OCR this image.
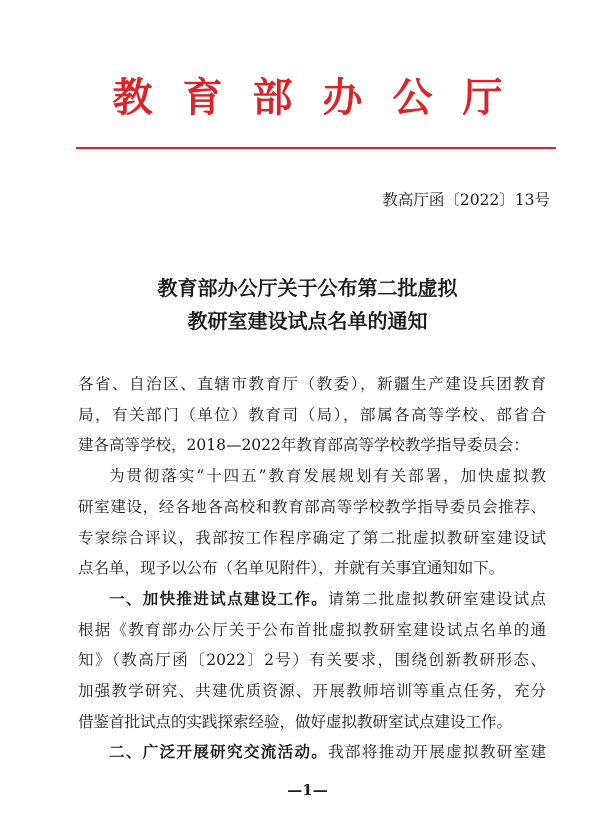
教育部办公厅
教高厅函〔2022〕13号
教育部办公厅关于公布第二批虚拟
教研室建设试点名单的通知
各省、自治区、直辖市教育厅（教委），新疆生产建设兵团教育
局，有关部门（单位）教育司（局），部属各高等学校、部省合
建各高等学校，2018—2022年教育部高等学校教学指导委员会：
为贯彻落实“十四五”教育发展规划有关部署，加快虚拟教
研室建设，经各地各高校和教育部高等学校教学指导委员会推荐、
专家综合评议，我部按工作程序确定了第二批虚拟教研室建设试
点名单，现予以公布（名单见附件），并就有关事宜通知如下。
一、加快推进试点建设工作。请第二批虚拟教研室建设试点
根据《教育部办公厅关于公布首批虚拟教研室建设试点名单的通
知》（教高厅函〔2022〕2号）有关要求，围绕创新教研形态、
加强教学研究、共建优质资源、开展教师培训等重点任务，充分
借鉴首批试点的实践探索经验，做好虚拟教研室试点建设工作。
二、广泛开展研究交流活动。我部将推动开展虚拟教研室建
—1—
